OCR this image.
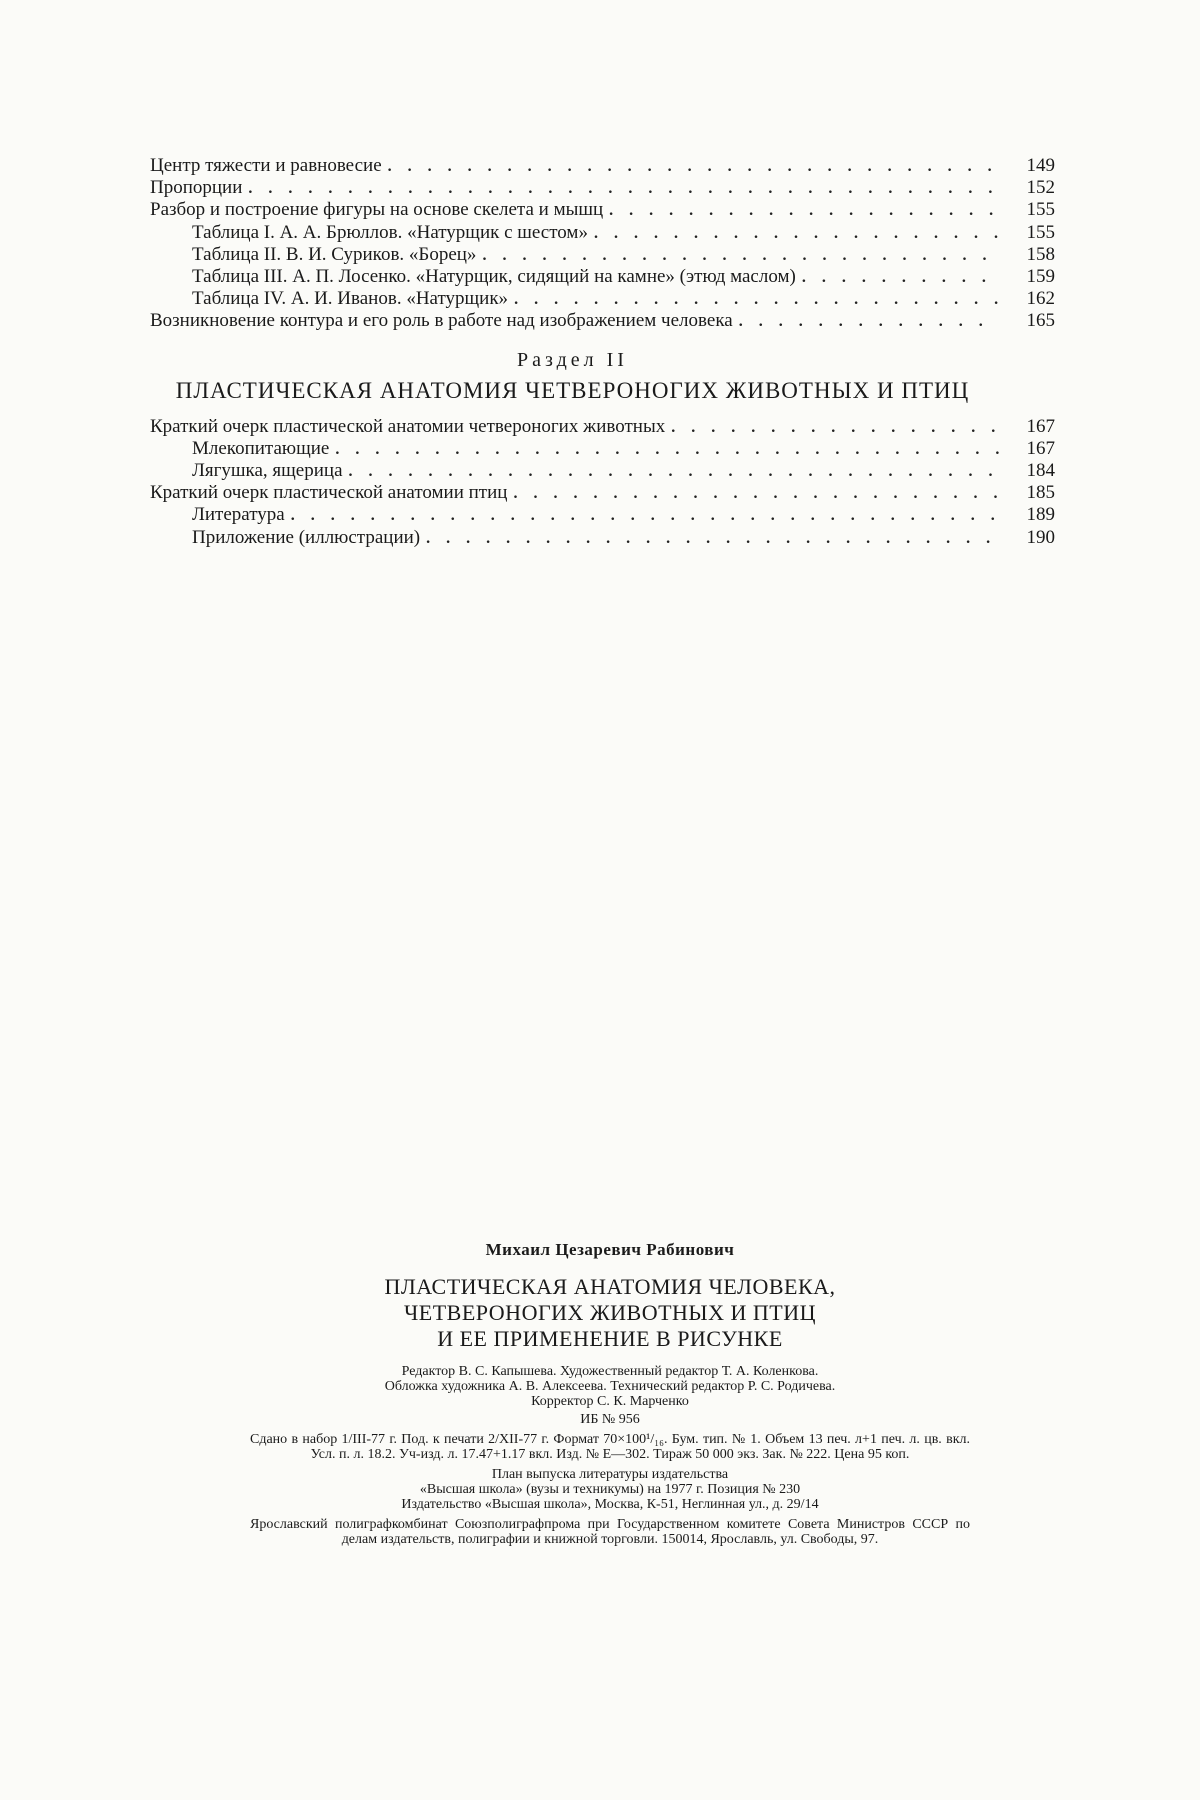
Центр тяжести и равновесие . . .	149
Пропорции . . .	152
Разбор и построение фигуры на основе скелета и мышц . . .	155
Таблица I. А. А. Брюллов. «Натурщик с шестом» . . .	155
Таблица II. В. И. Суриков. «Борец» . . .	158
Таблица III. А. П. Лосенко. «Натурщик, сидящий на камне» (этюд маслом) . . .	159
Таблица IV. А. И. Иванов. «Натурщик» . . .	162
Возникновение контура и его роль в работе над изображением человека . . .	165
Раздел II
ПЛАСТИЧЕСКАЯ АНАТОМИЯ ЧЕТВЕРОНОГИХ ЖИВОТНЫХ И ПТИЦ
Краткий очерк пластической анатомии четвероногих животных . . .	167
Млекопитающие . . .	167
Лягушка, ящерица . . .	184
Краткий очерк пластической анатомии птиц . . .	185
Литература . . .	189
Приложение (иллюстрации) . . .	190
Михаил Цезаревич Рабинович
ПЛАСТИЧЕСКАЯ АНАТОМИЯ ЧЕЛОВЕКА,
ЧЕТВЕРОНОГИХ ЖИВОТНЫХ И ПТИЦ
И ЕЕ ПРИМЕНЕНИЕ В РИСУНКЕ
Редактор В. С. Капышева. Художественный редактор Т. А. Коленкова.
Обложка художника А. В. Алексеева. Технический редактор Р. С. Родичева.
Корректор С. К. Марченко
ИБ № 956
Сдано в набор 1/III-77 г. Под. к печати 2/XII-77 г. Формат 70×100¹/₁₆. Бум. тип. № 1. Объем 13 печ. л+1 печ. л. цв. вкл. Усл. п. л. 18.2. Уч-изд. л. 17.47+1.17 вкл. Изд. № Е—302. Тираж 50 000 экз. Зак. № 222. Цена 95 коп.
План выпуска литературы издательства
«Высшая школа» (вузы и техникумы) на 1977 г. Позиция № 230
Издательство «Высшая школа», Москва, К-51, Неглинная ул., д. 29/14
Ярославский полиграфкомбинат Союзполиграфпрома при Государственном комитете Совета Министров СССР по делам издательств, полиграфии и книжной торговли. 150014, Ярославль, ул. Свободы, 97.
